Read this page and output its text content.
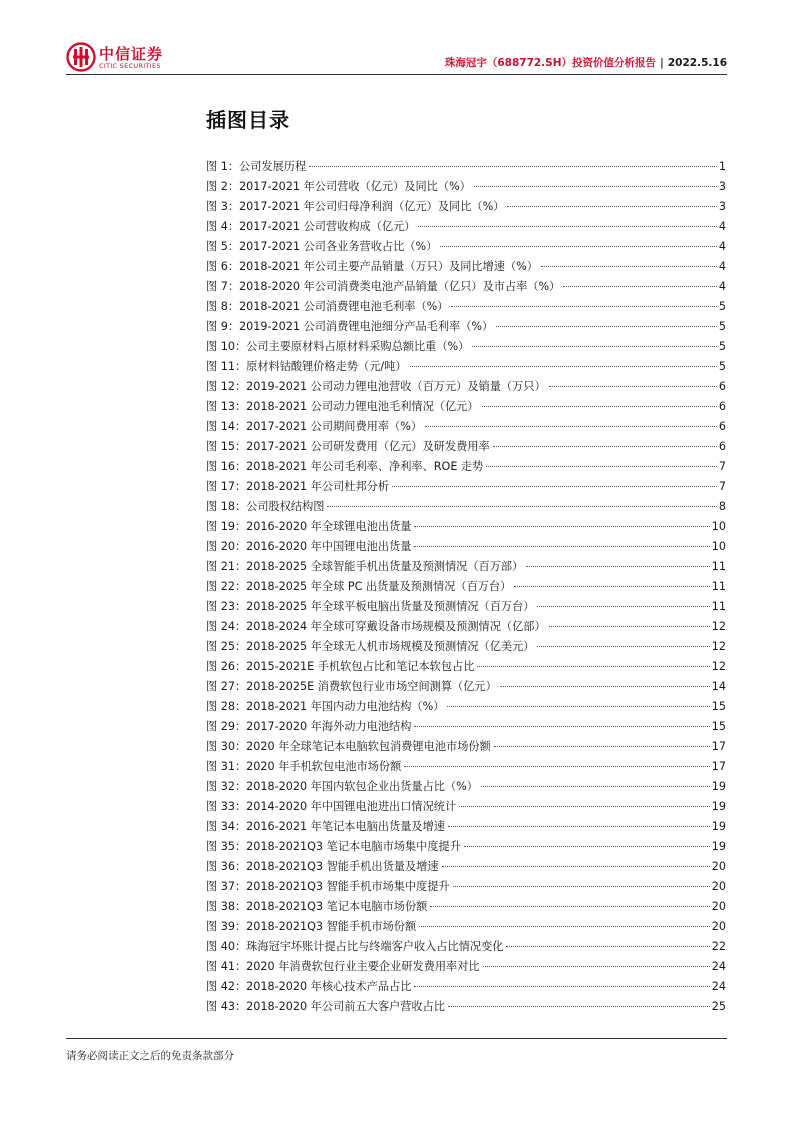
中信证券
CITIC SECURITIES	珠海冠宇（688772.SH）投资价值分析报告 | 2022.5.16
插图目录
图 1：公司发展历程	1
图 2：2017-2021 年公司营收（亿元）及同比（%）	3
图 3：2017-2021 年公司归母净利润（亿元）及同比（%）	3
图 4：2017-2021 公司营收构成（亿元）	4
图 5：2017-2021 公司各业务营收占比（%）	4
图 6：2018-2021 年公司主要产品销量（万只）及同比增速（%）	4
图 7：2018-2020 年公司消费类电池产品销量（亿只）及市占率（%）	4
图 8：2018-2021 公司消费锂电池毛利率（%）	5
图 9：2019-2021 公司消费锂电池细分产品毛利率（%）	5
图 10：公司主要原材料占原材料采购总额比重（%）	5
图 11：原材料钴酸锂价格走势（元/吨）	5
图 12：2019-2021 公司动力锂电池营收（百万元）及销量（万只）	6
图 13：2018-2021 公司动力锂电池毛利情况（亿元）	6
图 14：2017-2021 公司期间费用率（%）	6
图 15：2017-2021 公司研发费用（亿元）及研发费用率	6
图 16：2018-2021 年公司毛利率、净利率、ROE 走势	7
图 17：2018-2021 年公司杜邦分析	7
图 18：公司股权结构图	8
图 19：2016-2020 年全球锂电池出货量	10
图 20：2016-2020 年中国锂电池出货量	10
图 21：2018-2025 全球智能手机出货量及预测情况（百万部）	11
图 22：2018-2025 年全球 PC 出货量及预测情况（百万台）	11
图 23：2018-2025 年全球平板电脑出货量及预测情况（百万台）	11
图 24：2018-2024 年全球可穿戴设备市场规模及预测情况（亿部）	12
图 25：2018-2025 年全球无人机市场规模及预测情况（亿美元）	12
图 26：2015-2021E 手机软包占比和笔记本软包占比	12
图 27：2018-2025E 消费软包行业市场空间测算（亿元）	14
图 28：2018-2021 年国内动力电池结构（%）	15
图 29：2017-2020 年海外动力电池结构	15
图 30：2020 年全球笔记本电脑软包消费锂电池市场份额	17
图 31：2020 年手机软包电池市场份额	17
图 32：2018-2020 年国内软包企业出货量占比（%）	19
图 33：2014-2020 年中国锂电池进出口情况统计	19
图 34：2016-2021 年笔记本电脑出货量及增速	19
图 35：2018-2021Q3 笔记本电脑市场集中度提升	19
图 36：2018-2021Q3 智能手机出货量及增速	20
图 37：2018-2021Q3 智能手机市场集中度提升	20
图 38：2018-2021Q3 笔记本电脑市场份额	20
图 39：2018-2021Q3 智能手机市场份额	20
图 40：珠海冠宇坏账计提占比与终端客户收入占比情况变化	22
图 41：2020 年消费软包行业主要企业研发费用率对比	24
图 42：2018-2020 年核心技术产品占比	24
图 43：2018-2020 年公司前五大客户营收占比	25
请务必阅读正文之后的免责条款部分
